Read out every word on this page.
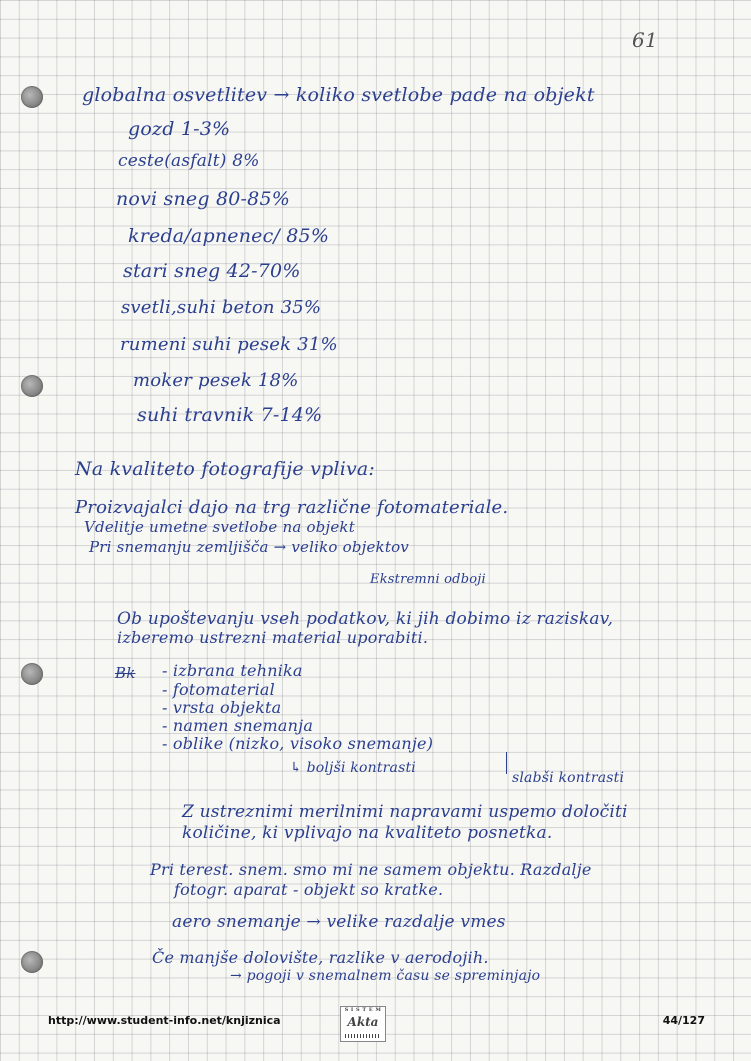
61
globalna osvetlitev → koliko svetlobe pade na objekt
gozd 1-3%
ceste(asfalt) 8%
novi sneg 80-85%
kreda/apnenec/ 85%
stari sneg 42-70%
svetli,suhi beton 35%
rumeni suhi pesek 31%
moker pesek 18%
suhi travnik 7-14%
Na kvaliteto fotografije vpliva:
Proizvajalci dajo na trg različne fotomateriale.
Vdelitje umetne svetlobe na objekt
Pri snemanju zemljišča → veliko objektov
Ekstremni odboji
Ob upoštevanju vseh podatkov, ki jih dobimo iz raziskav,
izberemo ustrezni material uporabiti.
Bk - izbrana tehnika
- fotomaterial
- vrsta objekta
- namen snemanja
- oblike (nizko, visoko snemanje)
↳ boljši kontrasti
slabši kontrasti
Z ustreznimi merilnimi napravami uspemo določiti
količine, ki vplivajo na kvaliteto posnetka.
Pri terest. snem. smo mi ne samem objektu. Razdalje
fotogr. aparat - objekt so kratke.
aero snemanje → velike razdalje vmes
Če manjše dolovište, razlike v aerodojih.
→ pogoji v snemalnem času se spreminjajo
http://www.student-info.net/knjiznica
S I S T E M	Akta	44/127
